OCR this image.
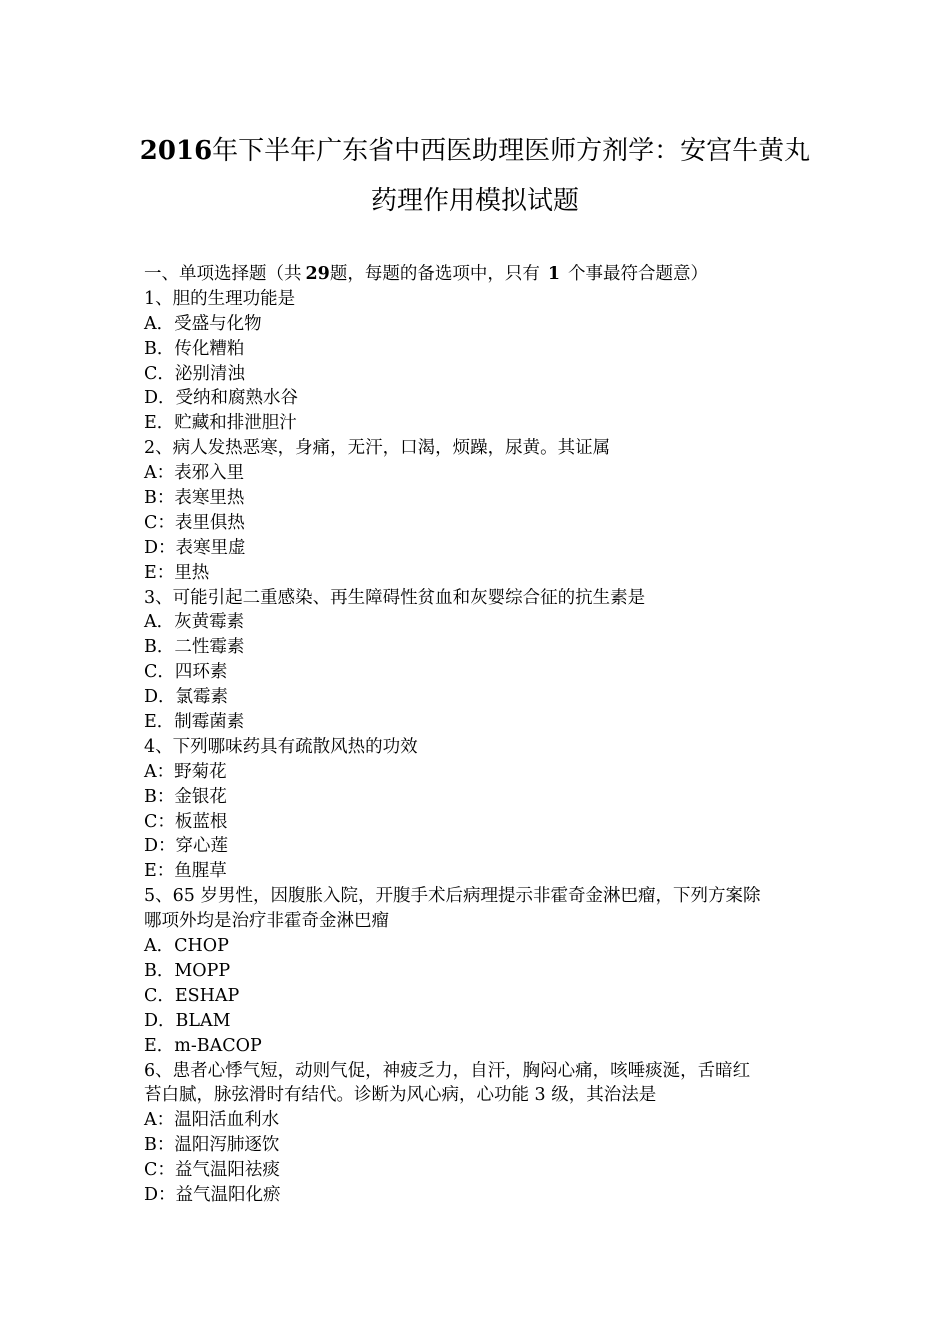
2016年下半年广东省中西医助理医师方剂学：安宫牛黄丸
药理作用模拟试题
一、单项选择题（共 29题，每题的备选项中，只有 1 个事最符合题意）
1、胆的生理功能是
A．受盛与化物
B．传化糟粕
C．泌别清浊
D．受纳和腐熟水谷
E．贮藏和排泄胆汁
2、病人发热恶寒，身痛，无汗，口渴，烦躁，尿黄。其证属
A：表邪入里
B：表寒里热
C：表里俱热
D：表寒里虚
E：里热
3、可能引起二重感染、再生障碍性贫血和灰婴综合征的抗生素是
A．灰黄霉素
B．二性霉素
C．四环素
D．氯霉素
E．制霉菌素
4、下列哪味药具有疏散风热的功效
A：野菊花
B：金银花
C：板蓝根
D：穿心莲
E：鱼腥草
5、65 岁男性，因腹胀入院，开腹手术后病理提示非霍奇金淋巴瘤，下列方案除
哪项外均是治疗非霍奇金淋巴瘤
A．CHOP
B．MOPP
C．ESHAP
D．BLAM
E．m-BACOP
6、患者心悸气短，动则气促，神疲乏力，自汗，胸闷心痛，咳唾痰涎，舌暗红
苔白腻，脉弦滑时有结代。诊断为风心病，心功能 3 级，其治法是
A：温阳活血利水
B：温阳泻肺逐饮
C：益气温阳祛痰
D：益气温阳化瘀
